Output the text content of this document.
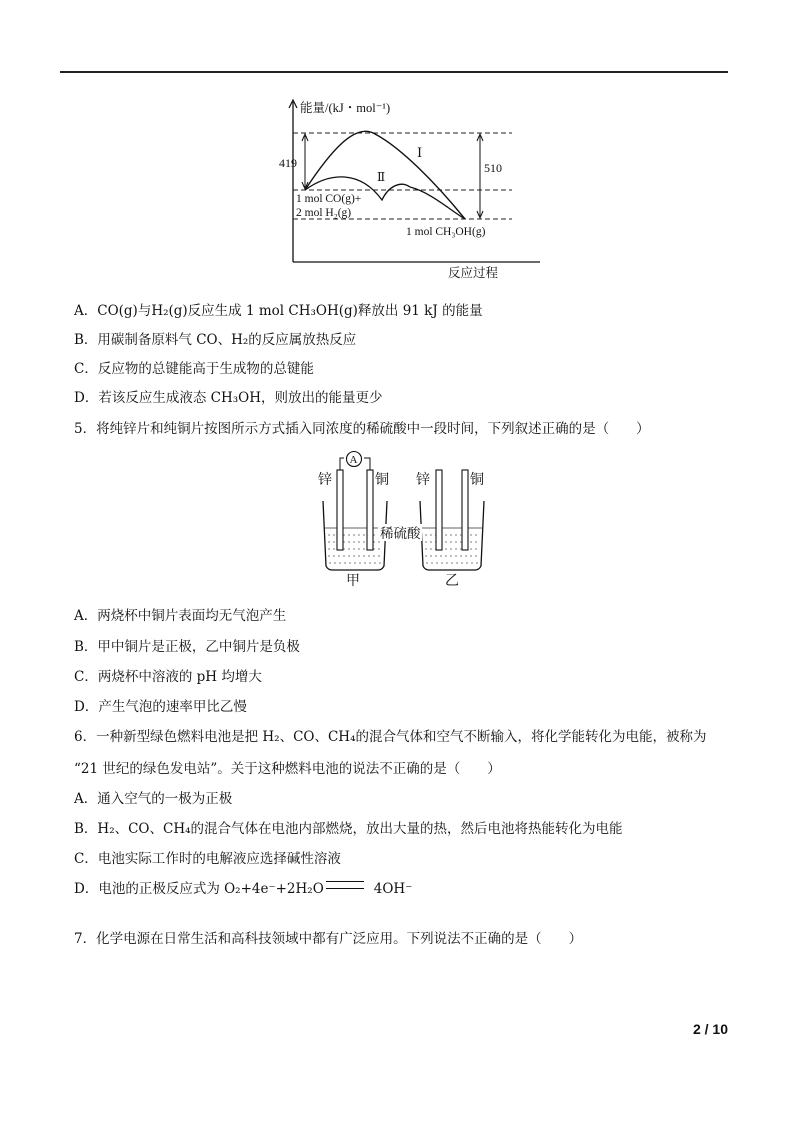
能量/(kJ・mol⁻¹)
419	510
Ⅰ
Ⅱ
1 mol CO(g)+
2 mol H₂(g)
1 mol CH₃OH(g)
反应过程
A．CO(g)与H₂(g)反应生成 1 mol CH₃OH(g)释放出 91 kJ 的能量
B．用碳制备原料气 CO、H₂的反应属放热反应
C．反应物的总键能高于生成物的总键能
D．若该反应生成液态 CH₃OH，则放出的能量更少
5．将纯锌片和纯铜片按图所示方式插入同浓度的稀硫酸中一段时间，下列叙述正确的是（　　）
A
锌	铜
甲
锌	铜
乙
稀硫酸
A．两烧杯中铜片表面均无气泡产生
B．甲中铜片是正极，乙中铜片是负极
C．两烧杯中溶液的 pH 均增大
D．产生气泡的速率甲比乙慢
6．一种新型绿色燃料电池是把 H₂、CO、CH₄的混合气体和空气不断输入，将化学能转化为电能，被称为
“21 世纪的绿色发电站”。关于这种燃料电池的说法不正确的是（　　）
A．通入空气的一极为正极
B．H₂、CO、CH₄的混合气体在电池内部燃烧，放出大量的热，然后电池将热能转化为电能
C．电池实际工作时的电解液应选择碱性溶液
D．电池的正极反应式为 O₂+4e⁻+2H₂O	4OH⁻
7．化学电源在日常生活和高科技领域中都有广泛应用。下列说法不正确的是（　　）
2 / 10
